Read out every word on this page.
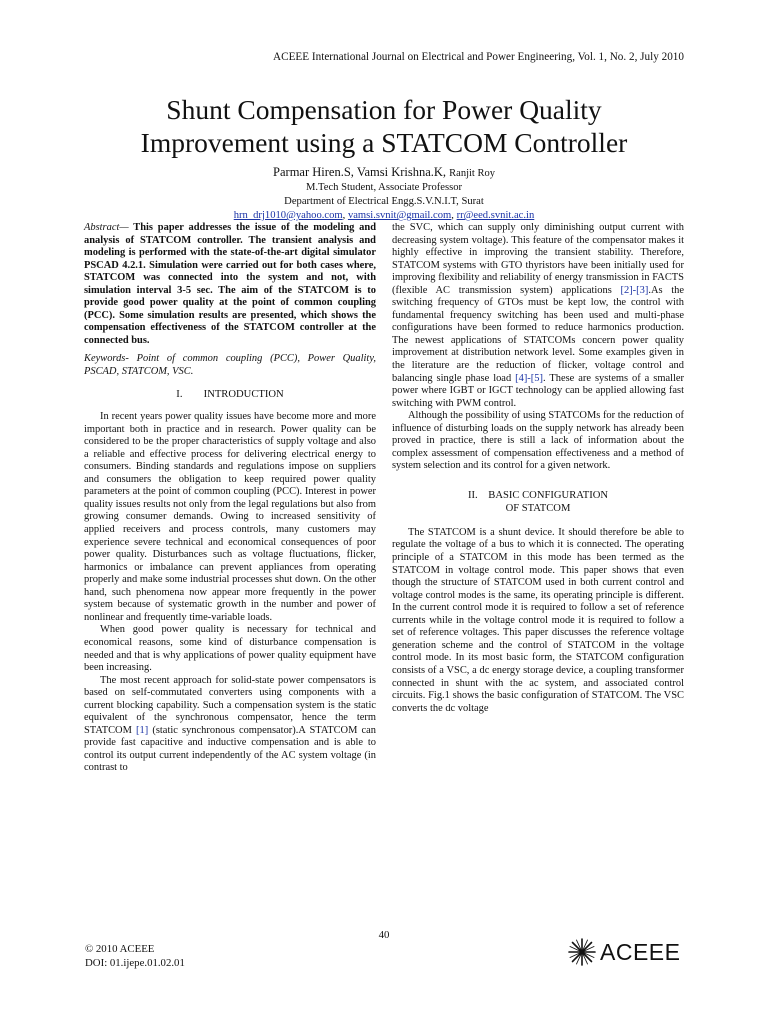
ACEEE International Journal on Electrical and Power Engineering, Vol. 1, No. 2, July 2010
Shunt Compensation for Power Quality
Improvement using a STATCOM Controller
Parmar Hiren.S, Vamsi Krishna.K, Ranjit Roy
M.Tech Student, Associate Professor
Department of Electrical Engg.S.V.N.I.T, Surat
hrn_drj1010@yahoo.com, vamsi.svnit@gmail.com, rr@eed.svnit.ac.in

Abstract— This paper addresses the issue of the modeling and analysis of STATCOM controller. The transient analysis and modeling is performed with the state-of-the-art digital simulator PSCAD 4.2.1. Simulation were carried out for both cases where, STATCOM was connected into the system and not, with simulation interval 3-5 sec. The aim of the STATCOM is to provide good power quality at the point of common coupling (PCC). Some simulation results are presented, which shows the compensation effectiveness of the STATCOM controller at the connected bus.

Keywords- Point of common coupling (PCC), Power Quality, PSCAD, STATCOM, VSC.

I.  INTRODUCTION

In recent years power quality issues have become more and more important both in practice and in research. Power quality can be considered to be the proper characteristics of supply voltage and also a reliable and effective process for delivering electrical energy to consumers. Binding standards and regulations impose on suppliers and consumers the obligation to keep required power quality parameters at the point of common coupling (PCC). Interest in power quality issues results not only from the legal regulations but also from growing consumer demands. Owing to increased sensitivity of applied receivers and process controls, many customers may experience severe technical and economical consequences of poor power quality. Disturbances such as voltage fluctuations, flicker, harmonics or imbalance can prevent appliances from operating properly and make some industrial processes shut down. On the other hand, such phenomena now appear more frequently in the power system because of systematic growth in the number and power of nonlinear and frequently time-variable loads.

When good power quality is necessary for technical and economical reasons, some kind of disturbance compensation is needed and that is why applications of power quality equipment have been increasing.

The most recent approach for solid-state power compensators is based on self-commutated converters using components with a current blocking capability. Such a compensation system is the static equivalent of the synchronous compensator, hence the term STATCOM [1] (static synchronous compensator).A STATCOM can provide fast capacitive and inductive compensation and is able to control its output current independently of the AC system voltage (in contrast to

the SVC, which can supply only diminishing output current with decreasing system voltage). This feature of the compensator makes it highly effective in improving the transient stability. Therefore, STATCOM systems with GTO thyristors have been initially used for improving flexibility and reliability of energy transmission in FACTS (flexible AC transmission system) applications [2]-[3].As the switching frequency of GTOs must be kept low, the control with fundamental frequency switching has been used and multi-phase configurations have been formed to reduce harmonics production. The newest applications of STATCOMs concern power quality improvement at distribution network level. Some examples given in the literature are the reduction of flicker, voltage control and balancing single phase load [4]-[5]. These are systems of a smaller power where IGBT or IGCT technology can be applied allowing fast switching with PWM control.

Although the possibility of using STATCOMs for the reduction of influence of disturbing loads on the supply network has already been proved in practice, there is still a lack of information about the complex assessment of compensation effectiveness and a method of system selection and its control for a given network.

II. BASIC CONFIGURATION
OF STATCOM

The STATCOM is a shunt device. It should therefore be able to regulate the voltage of a bus to which it is connected. The operating principle of a STATCOM in this mode has been termed as the STATCOM in voltage control mode. This paper shows that even though the structure of STATCOM used in both current control and voltage control modes is the same, its operating principle is different. In the current control mode it is required to follow a set of reference currents while in the voltage control mode it is required to follow a set of reference voltages. This paper discusses the reference voltage generation scheme and the control of STATCOM in the voltage control mode. In its most basic form, the STATCOM configuration consists of a VSC, a dc energy storage device, a coupling transformer connected in shunt with the ac system, and associated control circuits. Fig.1 shows the basic configuration of STATCOM. The VSC converts the dc voltage

40
© 2010 ACEEE
DOI: 01.ijepe.01.02.01	ACEEE
